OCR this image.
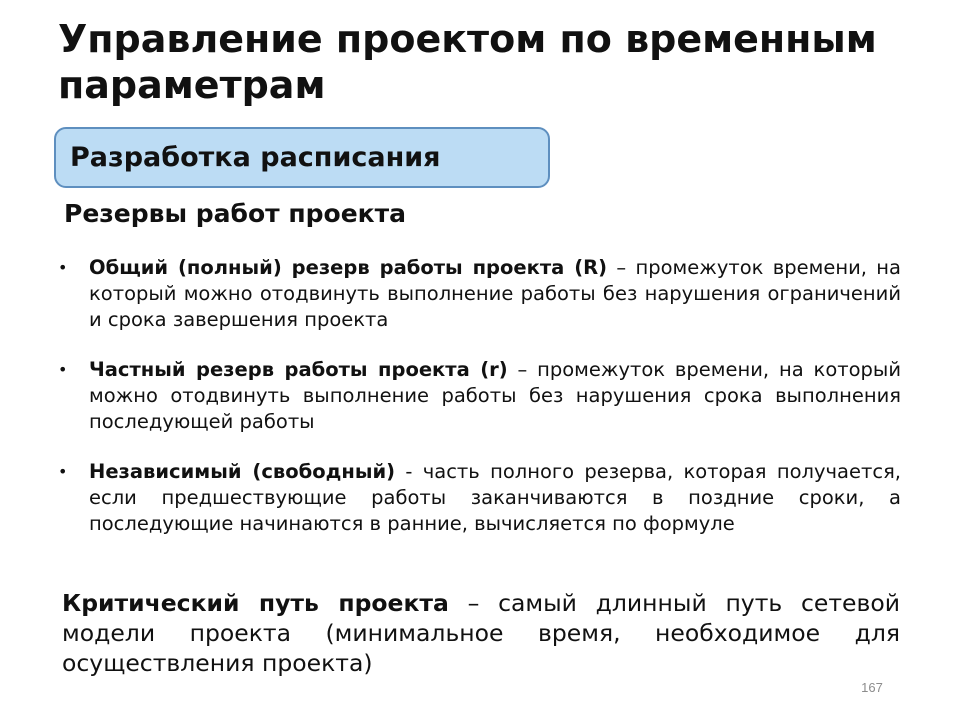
Управление проектом по временным параметрам
Разработка расписания
Резервы работ проекта
• Общий (полный) резерв работы проекта (R) – промежуток времени, на который можно отодвинуть выполнение работы без нарушения ограничений и срока завершения проекта
• Частный резерв работы проекта (r) – промежуток времени, на который можно отодвинуть выполнение работы без нарушения срока выполнения последующей работы
• Независимый (свободный) - часть полного резерва, которая получается, если предшествующие работы заканчиваются в поздние сроки, а последующие начинаются в ранние, вычисляется по формуле

Критический путь проекта – самый длинный путь сетевой модели проекта (минимальное время, необходимое для осуществления проекта)

167
